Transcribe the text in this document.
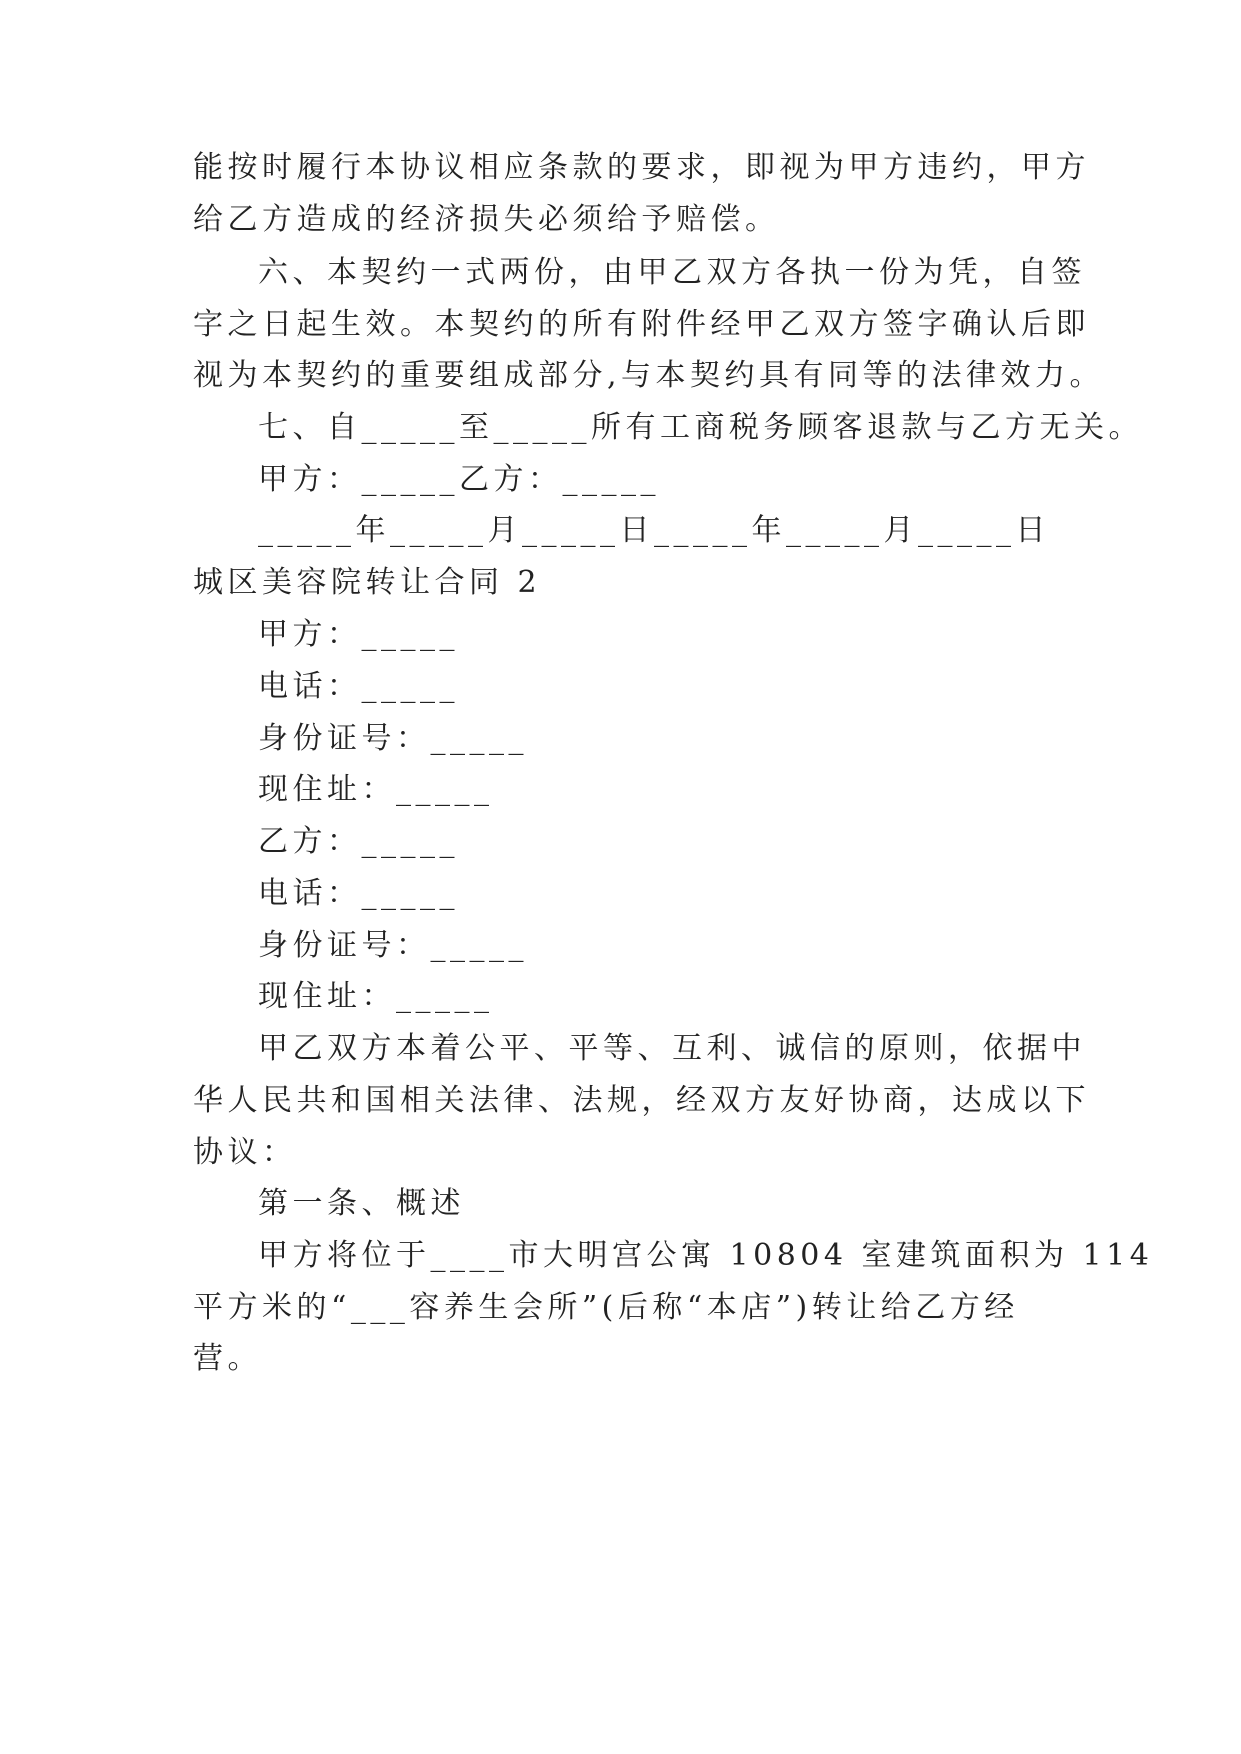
能按时履行本协议相应条款的要求，即视为甲方违约，甲方
给乙方造成的经济损失必须给予赔偿。
六、本契约一式两份，由甲乙双方各执一份为凭，自签
字之日起生效。本契约的所有附件经甲乙双方签字确认后即
视为本契约的重要组成部分,与本契约具有同等的法律效力。
七、自_____至_____所有工商税务顾客退款与乙方无关。
甲方：_____乙方：_____
_____年_____月_____日_____年_____月_____日
城区美容院转让合同 2
甲方：_____
电话：_____
身份证号：_____
现住址：_____
乙方：_____
电话：_____
身份证号：_____
现住址：_____
甲乙双方本着公平、平等、互利、诚信的原则，依据中
华人民共和国相关法律、法规，经双方友好协商，达成以下
协议：
第一条、概述
甲方将位于____市大明宫公寓 10804 室建筑面积为 114
平方米的“___容养生会所”(后称“本店”)转让给乙方经
营。
